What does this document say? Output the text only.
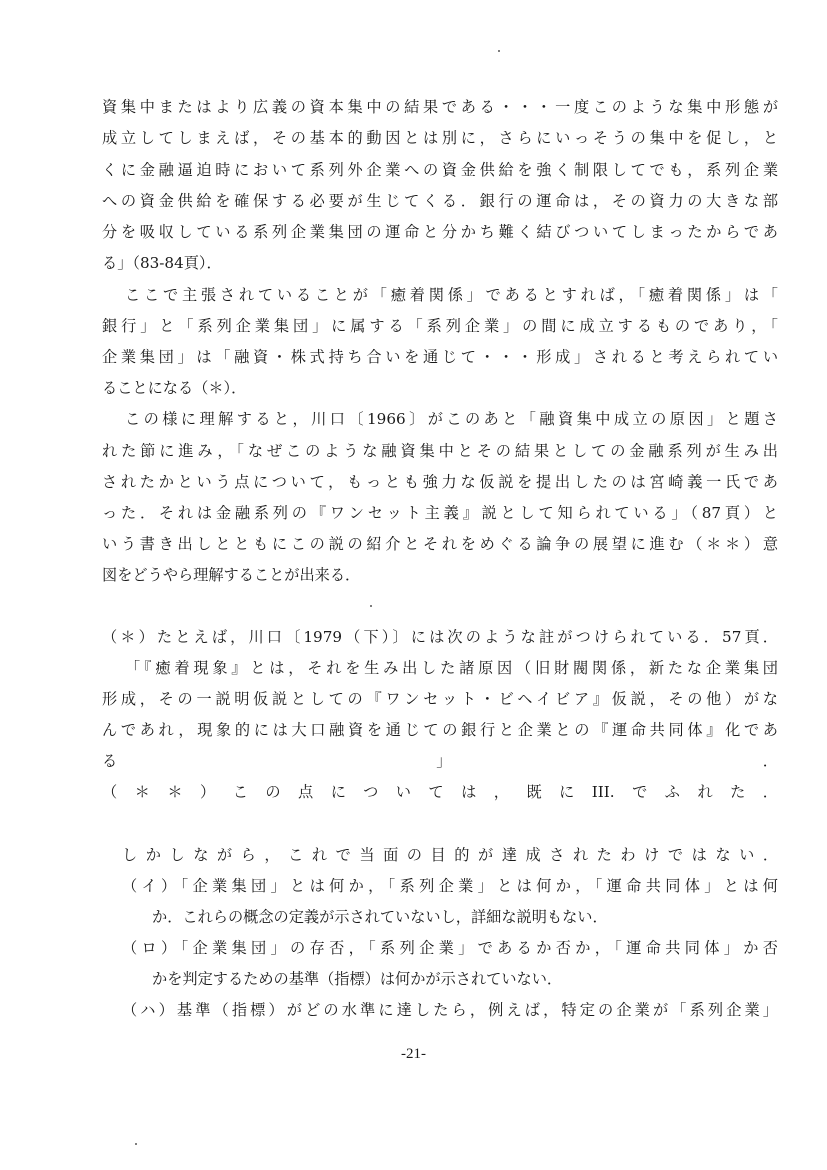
資集中またはより広義の資本集中の結果である・・・一度このような集中形態が
成立してしまえば，その基本的動因とは別に，さらにいっそうの集中を促し，と
くに金融逼迫時において系列外企業への資金供給を強く制限してでも，系列企業
への資金供給を確保する必要が生じてくる．銀行の運命は，その資力の大きな部
分を吸収している系列企業集団の運命と分かち難く結びついてしまったからであ
る」（83-84頁）．
ここで主張されていることが「癒着関係」であるとすれば，「癒着関係」は「
銀行」と「系列企業集団」に属する「系列企業」の間に成立するものであり，「
企業集団」は「融資・株式持ち合いを通じて・・・形成」されると考えられてい
ることになる（＊）．
この様に理解すると，川口〔1966〕がこのあと「融資集中成立の原因」と題さ
れた節に進み，「なぜこのような融資集中とその結果としての金融系列が生み出
されたかという点について，もっとも強力な仮説を提出したのは宮崎義一氏であ
った．それは金融系列の『ワンセット主義』説として知られている」（87頁）と
いう書き出しとともにこの説の紹介とそれをめぐる論争の展望に進む（＊＊）意
図をどうやら理解することが出来る．
（＊）たとえば，川口〔1979（下）〕には次のような註がつけられている．57頁．
「『癒着現象』とは，それを生み出した諸原因（旧財閥関係，新たな企業集団
形成，その一説明仮説としての『ワンセット・ビヘイビア』仮説，その他）がな
んであれ，現象的には大口融資を通じての銀行と企業との『運命共同体』化であ
る」．
（＊＊）この点については，既にIII.でふれた．
しかしながら，これで当面の目的が達成されたわけではない．
（イ）「企業集団」とは何か，「系列企業」とは何か，「運命共同体」とは何
か．これらの概念の定義が示されていないし，詳細な説明もない．
（ロ）「企業集団」の存否，「系列企業」であるか否か，「運命共同体」か否
かを判定するための基準（指標）は何かが示されていない．
（ハ）基準（指標）がどの水準に達したら，例えば，特定の企業が「系列企業」
-21-
